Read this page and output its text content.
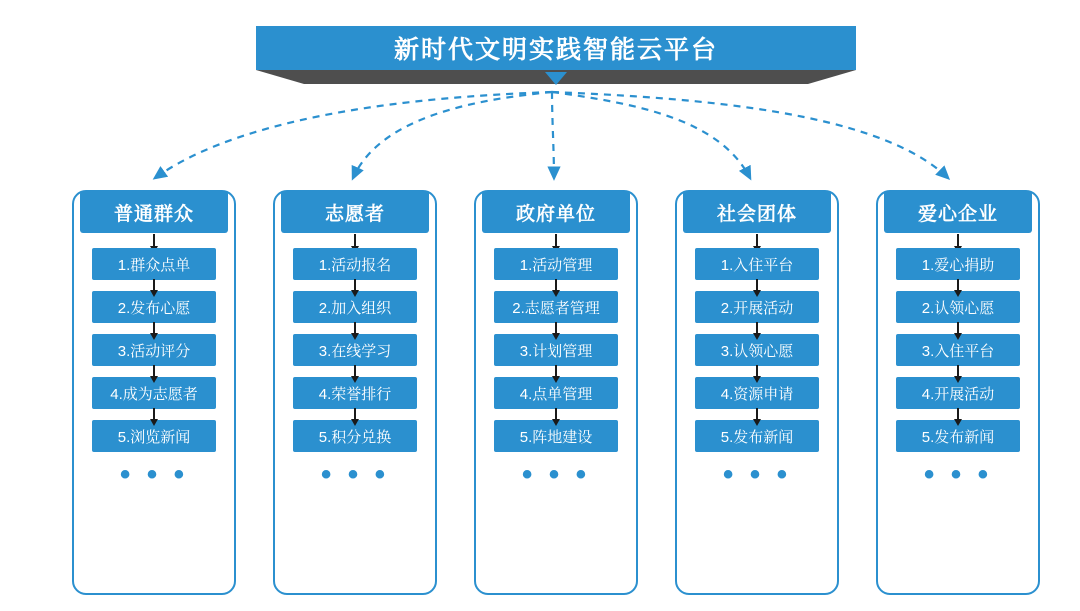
新时代文明实践智能云平台
普通群众
1.群众点单
2.发布心愿
3.活动评分
4.成为志愿者
5.浏览新闻
• • •
志愿者
1.活动报名
2.加入组织
3.在线学习
4.荣誉排行
5.积分兑换
• • •
政府单位
1.活动管理
2.志愿者管理
3.计划管理
4.点单管理
5.阵地建设
• • •
社会团体
1.入住平台
2.开展活动
3.认领心愿
4.资源申请
5.发布新闻
• • •
爱心企业
1.爱心捐助
2.认领心愿
3.入住平台
4.开展活动
5.发布新闻
• • •
